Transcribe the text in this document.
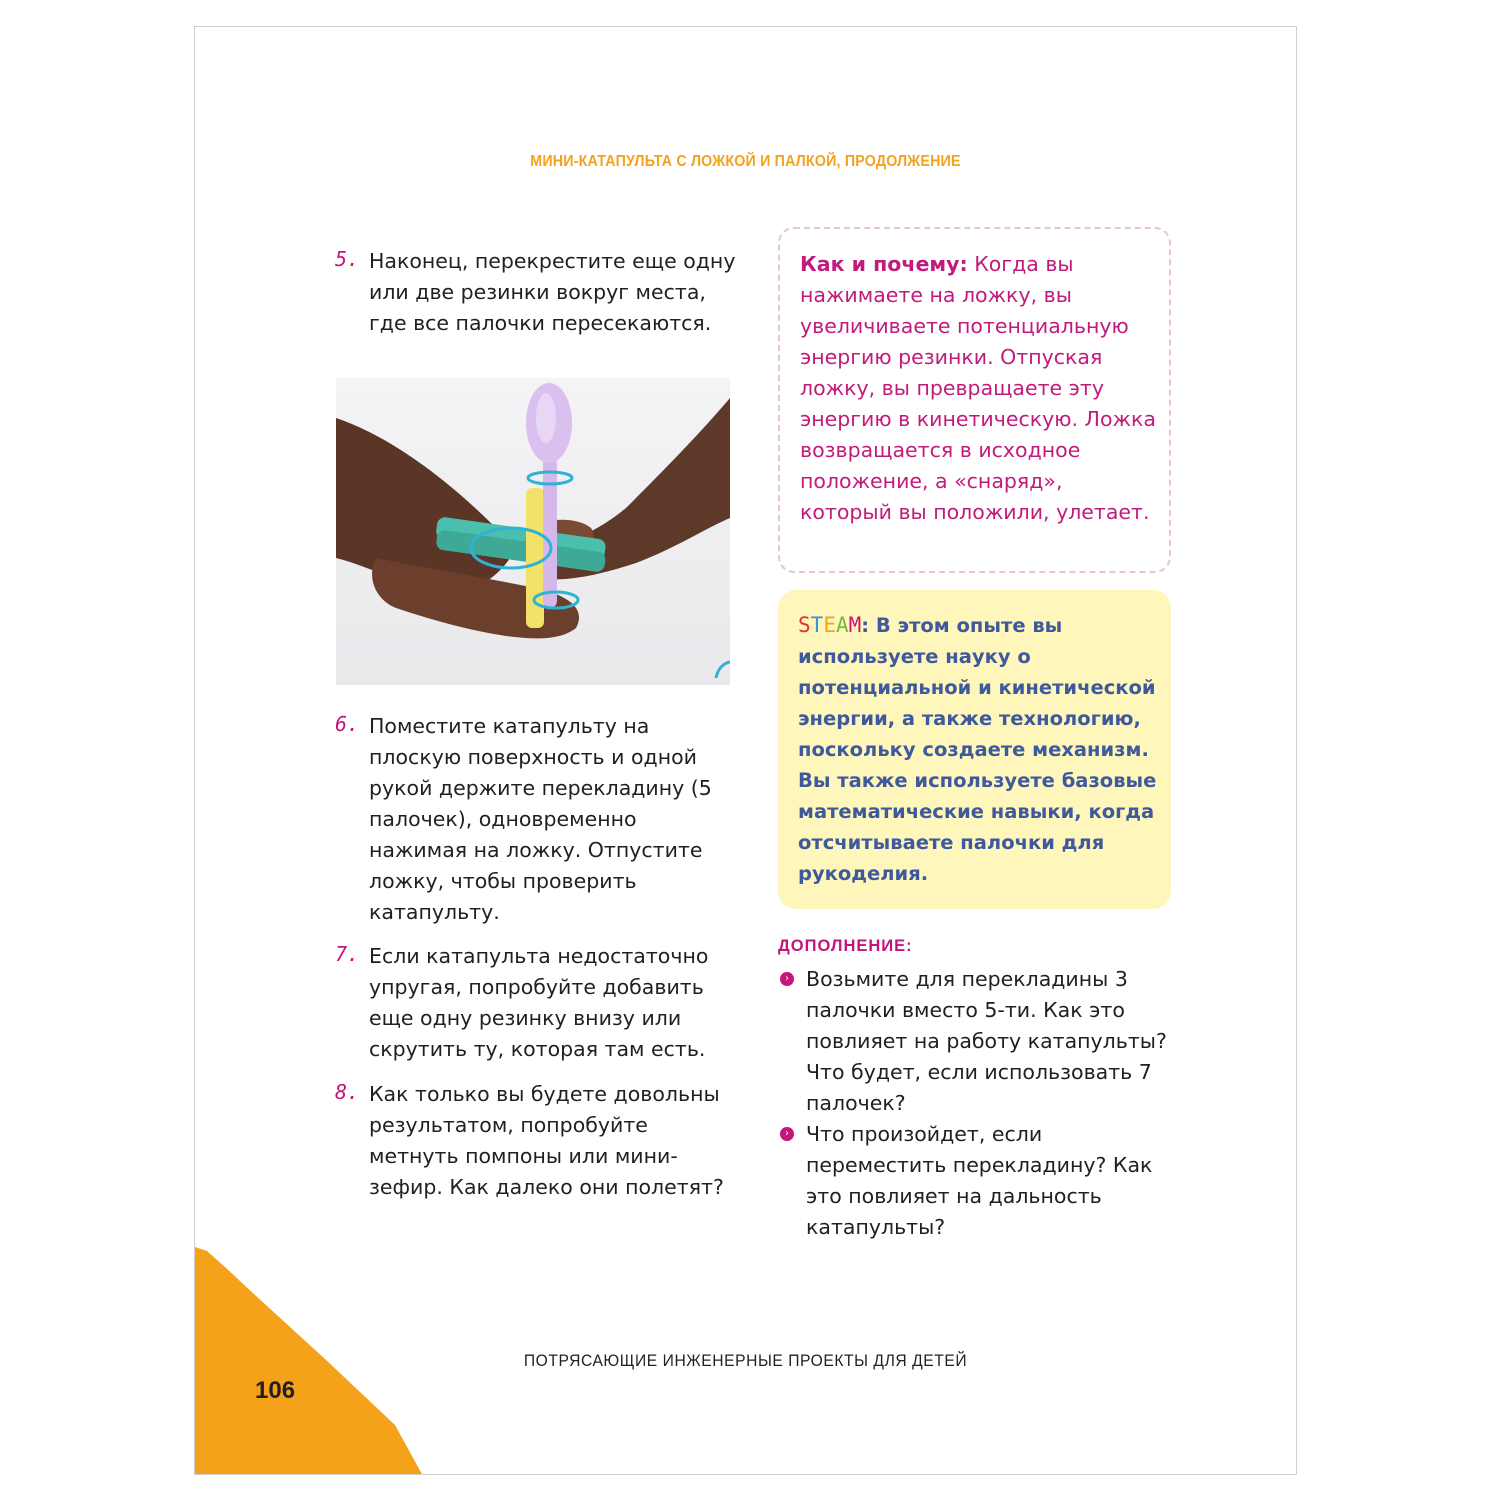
МИНИ-КАТАПУЛЬТА С ЛОЖКОЙ И ПАЛКОЙ, ПРОДОЛЖЕНИЕ
5. Наконец, перекрестите еще одну или две резинки вокруг места, где все палочки пересекаются.
6. Поместите катапульту на плоскую поверхность и одной рукой держите перекладину (5 палочек), одновременно нажимая на ложку. Отпустите ложку, чтобы проверить катапульту.
7. Если катапульта недостаточно упругая, попробуйте добавить еще одну резинку внизу или скрутить ту, которая там есть.
8. Как только вы будете довольны результатом, попробуйте метнуть помпоны или мини-зефир. Как далеко они полетят?
Как и почему: Когда вы нажимаете на ложку, вы увеличиваете потенциальную энергию резинки. Отпуская ложку, вы превращаете эту энергию в кинетическую. Ложка возвращается в исходное положение, а «снаряд», который вы положили, улетает.
STEAM: В этом опыте вы используете науку о потенциальной и кинетической энергии, а также технологию, поскольку создаете механизм. Вы также используете базовые математические навыки, когда отсчитываете палочки для рукоделия.
ДОПОЛНЕНИЕ:
› Возьмите для перекладины 3 палочки вместо 5-ти. Как это повлияет на работу катапульты? Что будет, если использовать 7 палочек?
› Что произойдет, если переместить перекладину? Как это повлияет на дальность катапульты?
ПОТРЯСАЮЩИЕ ИНЖЕНЕРНЫЕ ПРОЕКТЫ ДЛЯ ДЕТЕЙ
106
